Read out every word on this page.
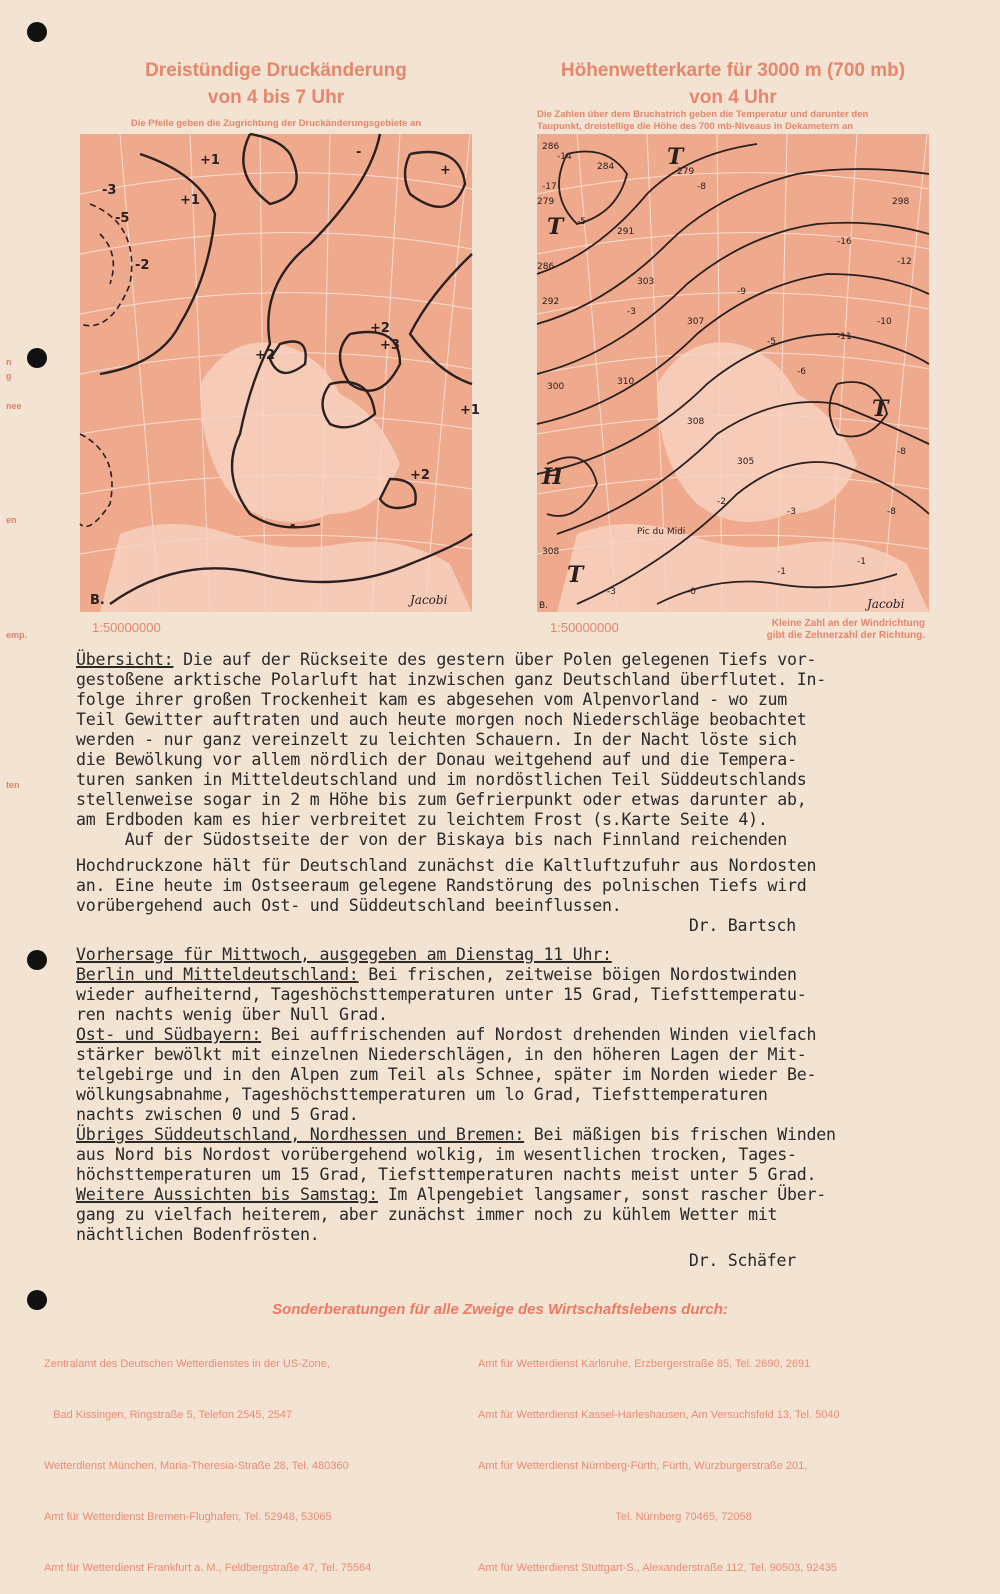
n
g
nee
en
emp.
ten
Dreistündige Druckänderung
von 4 bis 7 Uhr
Die Pfeile geben die Zugrichtung der Druckänderungsgebiete an
-5
-3
-2
+1
+1
+2
+2
+3
+1
+2
-
+
-
B.	Jacobi
1:50000000
Höhenwetterkarte für 3000 m (700 mb)
von 4 Uhr
Die Zahlen über dem Bruchstrich geben die Temperatur und darunter den
Taupunkt, dreistellige die Höhe des 700 mb-Niveaus in Dekametern an
T
T
T
H
T
286
-14
284	279
-8
279
-17
-5
291
286
292
303
-3
307
-9
-5
-6
-11
-10
-12
298
-16
300	310
308
305
308
-3	-0
-1
-1
-8
-8
-3
-2
Pic du Midi
B.	Jacobi
1:50000000	Kleine Zahl an der Windrichtung
gibt die Zehnerzahl der Richtung.

Übersicht: Die auf der Rückseite des gestern über Polen gelegenen Tiefs vor-

gestoßene arktische Polarluft hat inzwischen ganz Deutschland überflutet. In-

folge ihrer großen Trockenheit kam es abgesehen vom Alpenvorland - wo zum

Teil Gewitter auftraten und auch heute morgen noch Niederschläge beobachtet

werden - nur ganz vereinzelt zu leichten Schauern. In der Nacht löste sich

die Bewölkung vor allem nördlich der Donau weitgehend auf und die Tempera-

turen sanken in Mitteldeutschland und im nordöstlichen Teil Süddeutschlands

stellenweise sogar in 2 m Höhe bis zum Gefrierpunkt oder etwas darunter ab,

am Erdboden kam es hier verbreitet zu leichtem Frost (s.Karte Seite 4).

Auf der Südostseite der von der Biskaya bis nach Finnland reichenden

Hochdruckzone hält für Deutschland zunächst die Kaltluftzufuhr aus Nordosten

an. Eine heute im Ostseeraum gelegene Randstörung des polnischen Tiefs wird

vorübergehend auch Ost- und Süddeutschland beeinflussen.

Dr. Bartsch

Vorhersage für Mittwoch, ausgegeben am Dienstag 11 Uhr:

Berlin und Mitteldeutschland: Bei frischen, zeitweise böigen Nordostwinden

wieder aufheiternd, Tageshöchsttemperaturen unter 15 Grad, Tiefsttemperatu-

ren nachts wenig über Null Grad.

Ost- und Südbayern: Bei auffrischenden auf Nordost drehenden Winden vielfach

stärker bewölkt mit einzelnen Niederschlägen, in den höheren Lagen der Mit-

telgebirge und in den Alpen zum Teil als Schnee, später im Norden wieder Be-

wölkungsabnahme, Tageshöchsttemperaturen um lo Grad, Tiefsttemperaturen

nachts zwischen 0 und 5 Grad.

Übriges Süddeutschland, Nordhessen und Bremen: Bei mäßigen bis frischen Winden

aus Nord bis Nordost vorübergehend wolkig, im wesentlichen trocken, Tages-

höchsttemperaturen um 15 Grad, Tiefsttemperaturen nachts meist unter 5 Grad.

Weitere Aussichten bis Samstag: Im Alpengebiet langsamer, sonst rascher Über-

gang zu vielfach heiterem, aber zunächst immer noch zu kühlem Wetter mit

nächtlichen Bodenfrösten.

Dr. Schäfer

Sonderberatungen für alle Zweige des Wirtschaftslebens durch:

Zentralamt des Deutschen Wetterdienstes in der US-Zone,

Bad Kissingen, Ringstraße 5, Telefon 2545, 2547

Wetterdienst München, Maria-Theresia-Straße 28, Tel. 480360

Amt für Wetterdienst Bremen-Flughafen, Tel. 52948, 53065

Amt für Wetterdienst Frankfurt a. M., Feldbergstraße 47, Tel. 75564

Amt für Wetterdienst Karlsruhe, Erzbergerstraße 85, Tel. 2690, 2691

Amt für Wetterdienst Kassel-Harleshausen, Am Versuchsfeld 13, Tel. 5040

Amt für Wetterdienst Nürnberg-Fürth, Fürth, Würzburgerstraße 201,

Tel. Nürnberg 70465, 72058

Amt für Wetterdienst Stuttgart-S., Alexanderstraße 112, Tel. 90503, 92435
